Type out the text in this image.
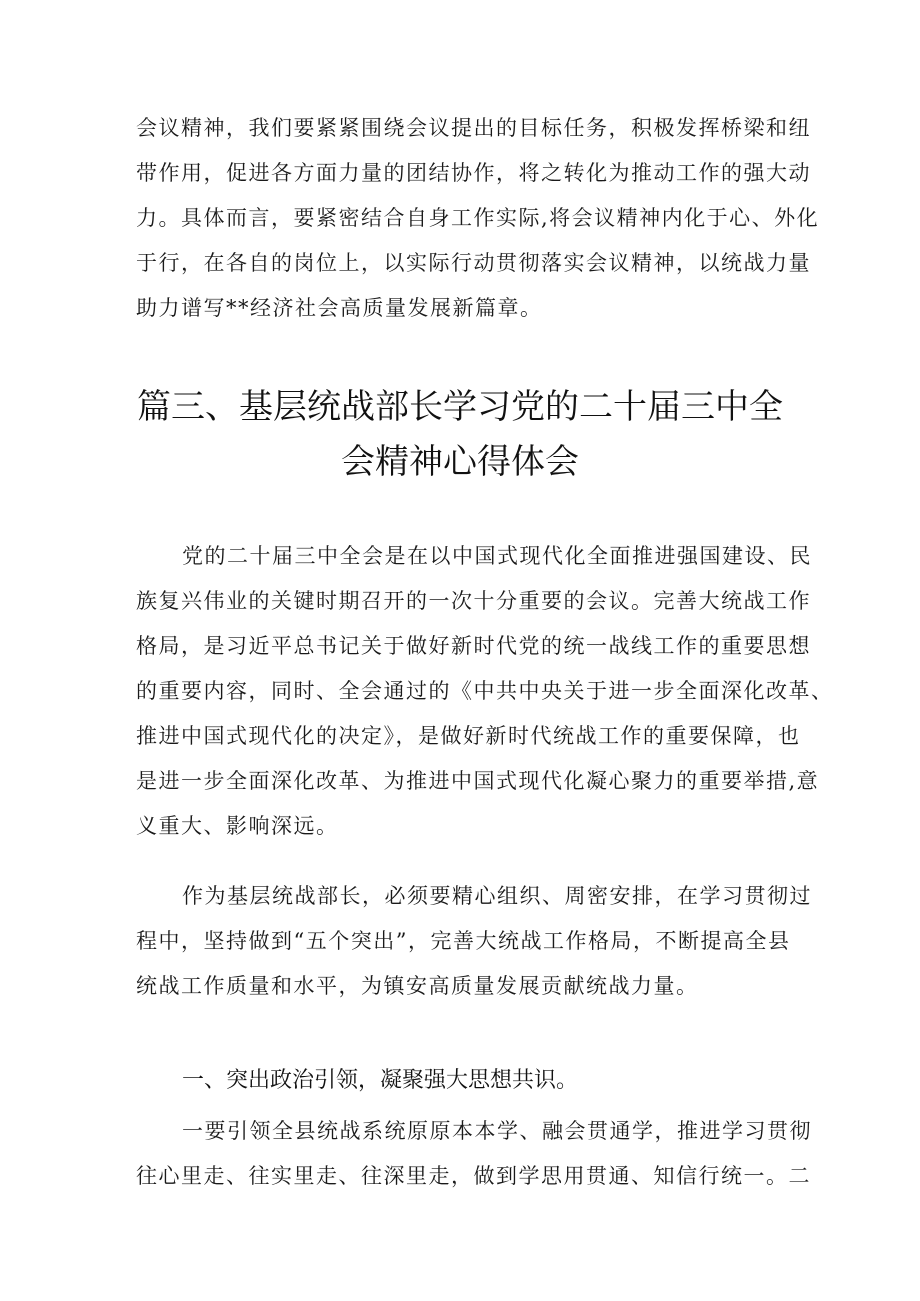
会议精神，我们要紧紧围绕会议提出的目标任务，积极发挥桥梁和纽
带作用，促进各方面力量的团结协作，将之转化为推动工作的强大动
力。具体而言，要紧密结合自身工作实际,将会议精神内化于心、外化
于行，在各自的岗位上，以实际行动贯彻落实会议精神，以统战力量
助力谱写**经济社会高质量发展新篇章。
篇三、基层统战部长学习党的二十届三中全
会精神心得体会
党的二十届三中全会是在以中国式现代化全面推进强国建设、民
族复兴伟业的关键时期召开的一次十分重要的会议。完善大统战工作
格局，是习近平总书记关于做好新时代党的统一战线工作的重要思想
的重要内容，同时、全会通过的《中共中央关于进一步全面深化改革、
推进中国式现代化的决定》，是做好新时代统战工作的重要保障，也
是进一步全面深化改革、为推进中国式现代化凝心聚力的重要举措,意
义重大、影响深远。
作为基层统战部长，必须要精心组织、周密安排，在学习贯彻过
程中，坚持做到“五个突出”，完善大统战工作格局，不断提高全县
统战工作质量和水平，为镇安高质量发展贡献统战力量。
一、突出政治引领，凝聚强大思想共识。
一要引领全县统战系统原原本本学、融会贯通学，推进学习贯彻
往心里走、往实里走、往深里走，做到学思用贯通、知信行统一。二
